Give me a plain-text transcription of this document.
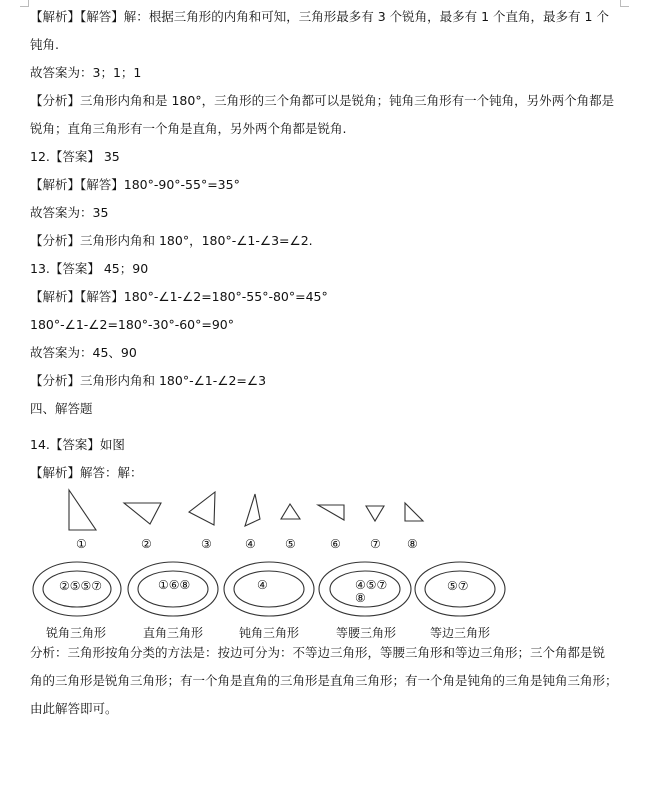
【解析】【解答】解：根据三角形的内角和可知，三角形最多有 3 个锐角，最多有 1 个直角，最多有 1 个
钝角.
故答案为：3；1；1
【分析】三角形内角和是 180°，三角形的三个角都可以是锐角；钝角三角形有一个钝角，另外两个角都是
锐角；直角三角形有一个角是直角，另外两个角都是锐角.
12.【答案】 35
【解析】【解答】180°-90°-55°=35°
故答案为：35
【分析】三角形内角和 180°，180°-∠1-∠3=∠2.
13.【答案】 45；90
【解析】【解答】180°-∠1-∠2=180°-55°-80°=45°
180°-∠1-∠2=180°-30°-60°=90°
故答案为：45、90
【分析】三角形内角和 180°-∠1-∠2=∠3
四、解答题
14.【答案】如图
【解析】解答：解：
①	②	③	④ ⑤	⑥ ⑦ ⑧
②⑤⑤⑦	①⑥⑧	④	④⑤⑦
⑧
⑤⑦
锐角三角形	直角三角形	钝角三角形	等腰三角形	等边三角形
分析：三角形按角分类的方法是：按边可分为：不等边三角形，等腰三角形和等边三角形；三个角都是锐
角的三角形是锐角三角形；有一个角是直角的三角形是直角三角形；有一个角是钝角的三角是钝角三角形；
由此解答即可。
